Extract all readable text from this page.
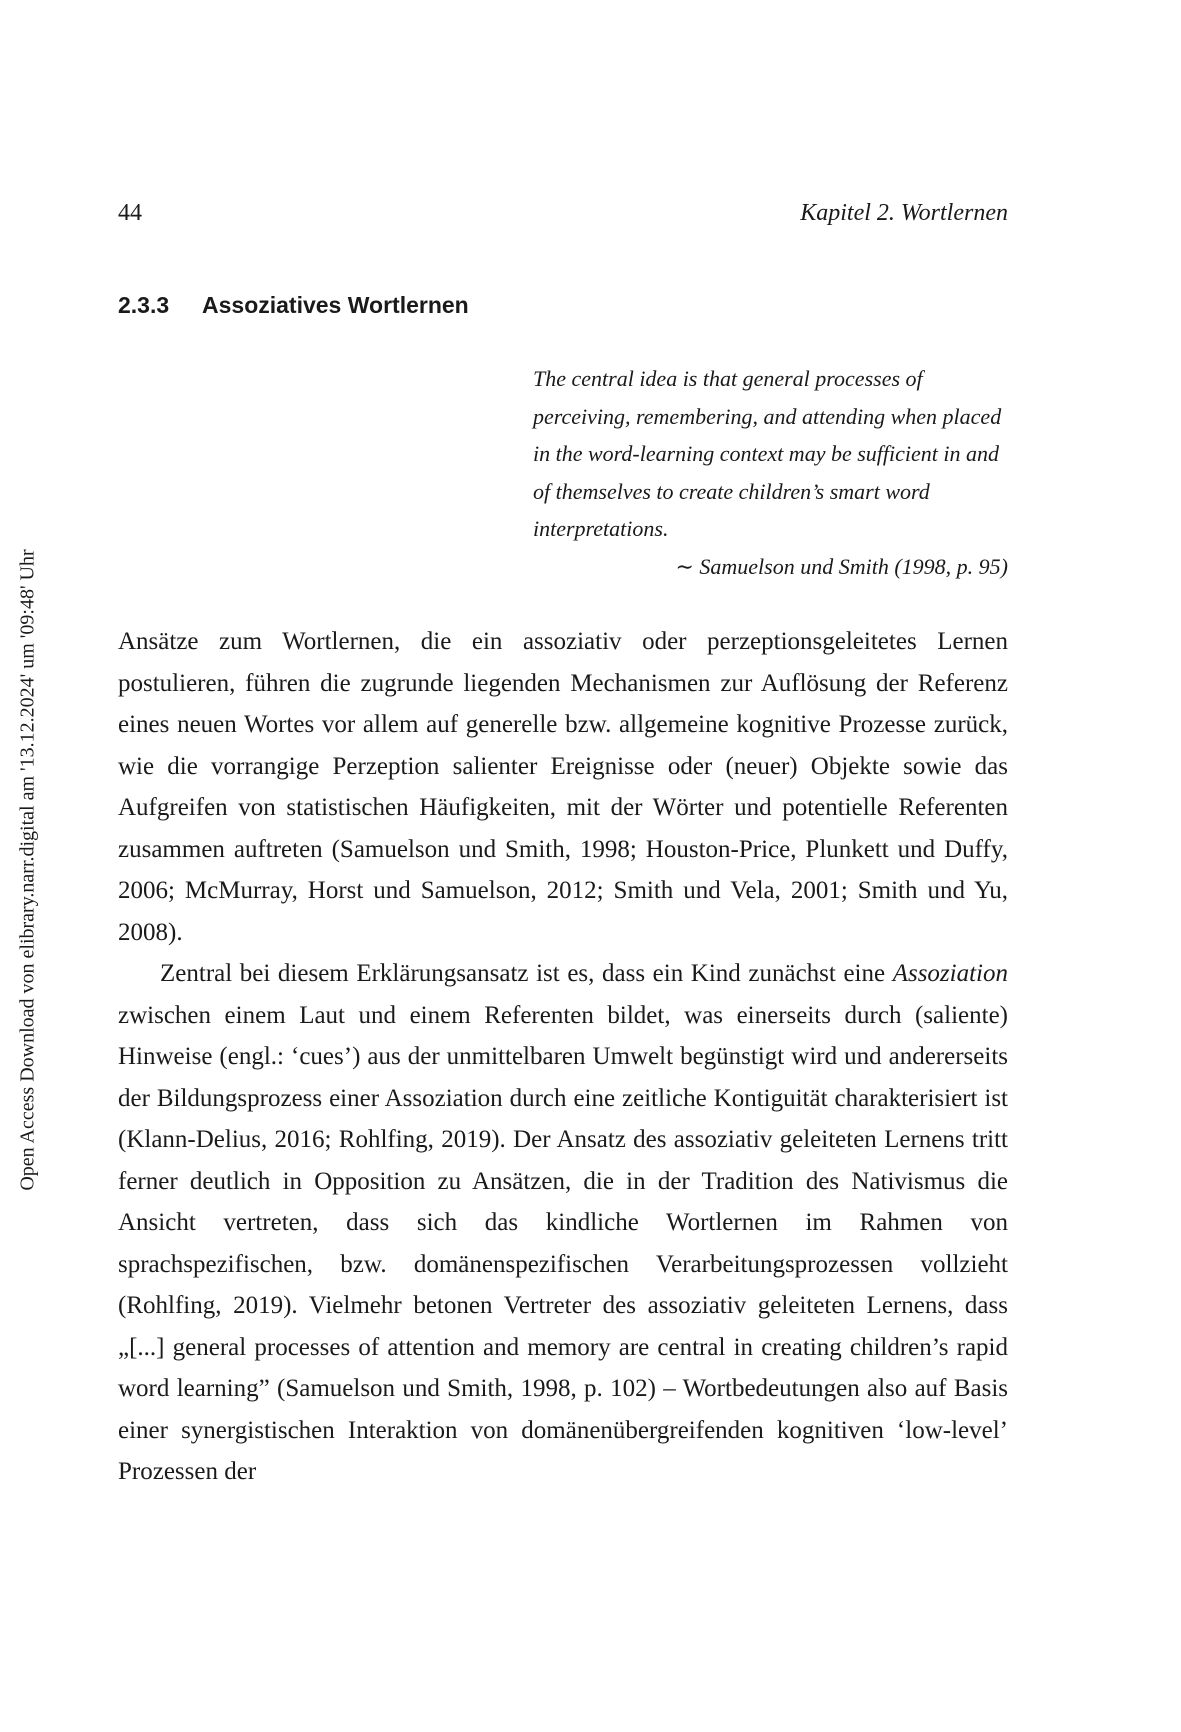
Open Access Download von elibrary.narr.digital am '13.12.2024' um '09:48' Uhr
44	Kapitel 2. Wortlernen
2.3.3 Assoziatives Wortlernen
The central idea is that general processes of perceiving, remembering, and attending when placed in the word-learning context may be sufficient in and of themselves to create children’s smart word interpretations.
∼ Samuelson und Smith (1998, p. 95)

Ansätze zum Wortlernen, die ein assoziativ oder perzeptionsgeleitetes Lernen postulieren, führen die zugrunde liegenden Mechanismen zur Auflösung der Referenz eines neuen Wortes vor allem auf generelle bzw. allgemeine kognitive Prozesse zurück, wie die vorrangige Perzeption salienter Ereignisse oder (neuer) Objekte sowie das Aufgreifen von statistischen Häufigkeiten, mit der Wörter und potentielle Referenten zusammen auftreten (Samuelson und Smith, 1998; Houston-Price, Plunkett und Duffy, 2006; McMurray, Horst und Samuelson, 2012; Smith und Vela, 2001; Smith und Yu, 2008).

Zentral bei diesem Erklärungsansatz ist es, dass ein Kind zunächst eine Assoziation zwischen einem Laut und einem Referenten bildet, was einerseits durch (saliente) Hinweise (engl.: ‘cues’) aus der unmittelbaren Umwelt begünstigt wird und andererseits der Bildungsprozess einer Assoziation durch eine zeitliche Kontiguität charakterisiert ist (Klann-Delius, 2016; Rohlfing, 2019). Der Ansatz des assoziativ geleiteten Lernens tritt ferner deutlich in Opposition zu Ansätzen, die in der Tradition des Nativismus die Ansicht vertreten, dass sich das kindliche Wortlernen im Rahmen von sprachspezifischen, bzw. domänenspezifischen Verarbeitungsprozessen vollzieht (Rohlfing, 2019). Vielmehr betonen Vertreter des assoziativ geleiteten Lernens, dass „[...] general processes of attention and memory are central in creating children’s rapid word learning” (Samuelson und Smith, 1998, p. 102) – Wortbedeutungen also auf Basis einer synergistischen Interaktion von domänenübergreifenden kognitiven ‘low-level’ Prozessen der
